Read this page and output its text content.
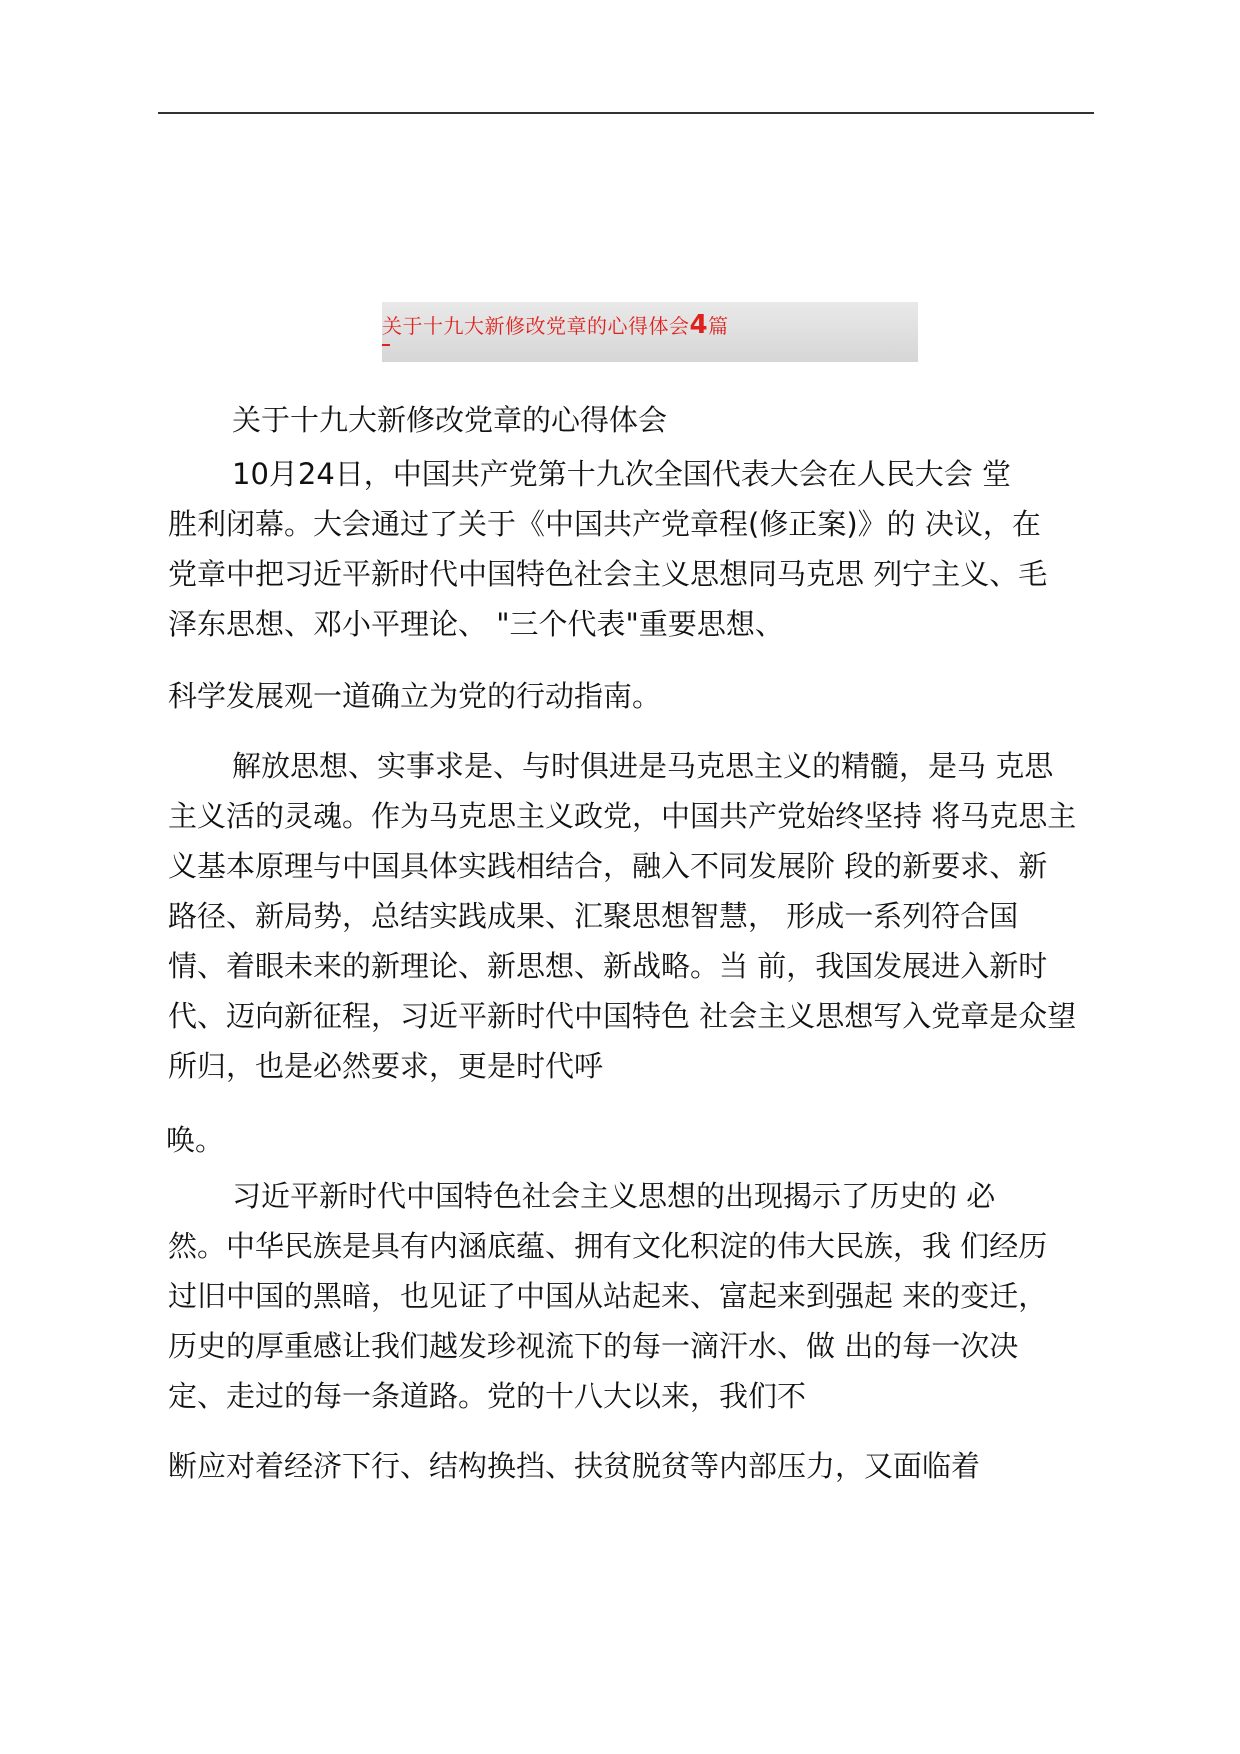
关于十九大新修改党章的心得体会4篇
关于十九大新修改党章的心得体会
10月24日，中国共产党第十九次全国代表大会在人民大会 堂
胜利闭幕。大会通过了关于《中国共产党章程(修正案)》的 决议，在
党章中把习近平新时代中国特色社会主义思想同马克思 列宁主义、毛
泽东思想、邓小平理论、 "三个代表"重要思想、
科学发展观一道确立为党的行动指南。
解放思想、实事求是、与时俱进是马克思主义的精髓，是马 克思
主义活的灵魂。作为马克思主义政党，中国共产党始终坚持 将马克思主
义基本原理与中国具体实践相结合，融入不同发展阶 段的新要求、新
路径、新局势，总结实践成果、汇聚思想智慧， 形成一系列符合国
情、着眼未来的新理论、新思想、新战略。当 前，我国发展进入新时
代、迈向新征程，习近平新时代中国特色 社会主义思想写入党章是众望
所归，也是必然要求，更是时代呼
唤。
习近平新时代中国特色社会主义思想的出现揭示了历史的 必
然。中华民族是具有内涵底蕴、拥有文化积淀的伟大民族，我 们经历
过旧中国的黑暗，也见证了中国从站起来、富起来到强起 来的变迁，
历史的厚重感让我们越发珍视流下的每一滴汗水、做 出的每一次决
定、走过的每一条道路。党的十八大以来，我们不
断应对着经济下行、结构换挡、扶贫脱贫等内部压力，又面临着
